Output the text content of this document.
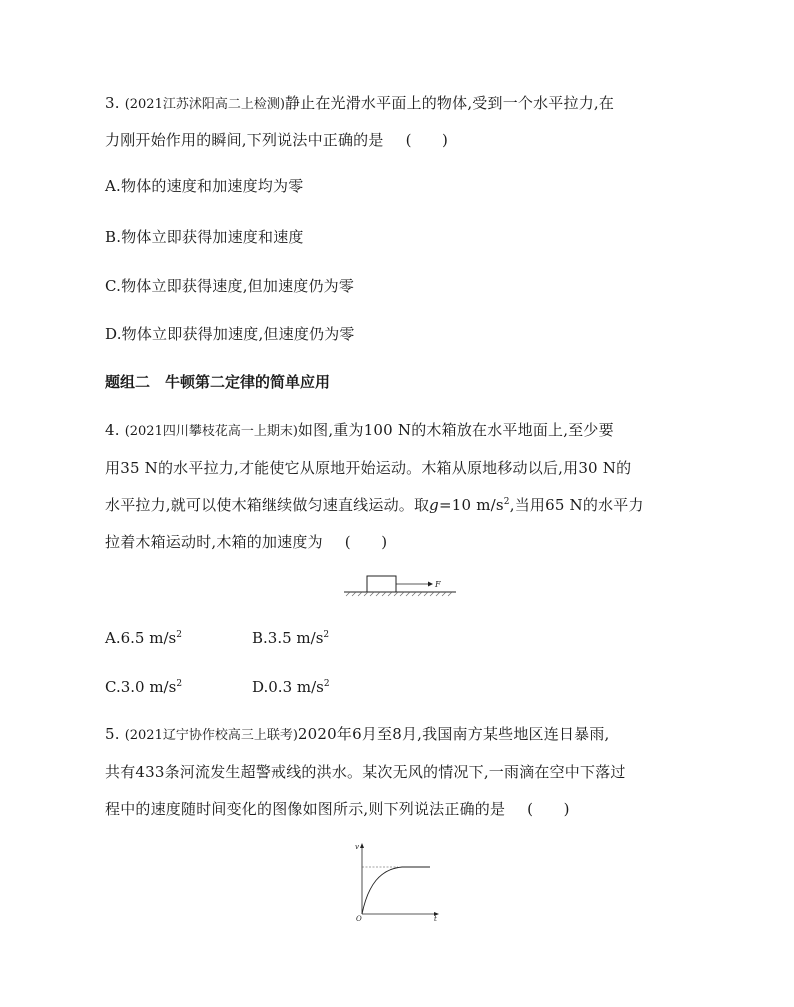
3. (2021江苏沭阳高二上检测)静止在光滑水平面上的物体,受到一个水平拉力,在
力刚开始作用的瞬间,下列说法中正确的是 (　　)
A.物体的速度和加速度均为零
B.物体立即获得加速度和速度
C.物体立即获得速度,但加速度仍为零
D.物体立即获得加速度,但速度仍为零
题组二　牛顿第二定律的简单应用
4. (2021四川攀枝花高一上期末)如图,重为100 N的木箱放在水平地面上,至少要
用35 N的水平拉力,才能使它从原地开始运动。木箱从原地移动以后,用30 N的
水平拉力,就可以使木箱继续做匀速直线运动。取g=10 $m/s^2$,当用65 N的水平力
拉着木箱运动时,木箱的加速度为 (　　)
F
A.6.5 $m/s^2$	B.3.5 $m/s^2$
C.3.0 $m/s^2$	D.0.3 $m/s^2$
5. (2021辽宁协作校高三上联考)2020年6月至8月,我国南方某些地区连日暴雨,
共有433条河流发生超警戒线的洪水。某次无风的情况下,一雨滴在空中下落过
程中的速度随时间变化的图像如图所示,则下列说法正确的是 (　　)
v
t
O
